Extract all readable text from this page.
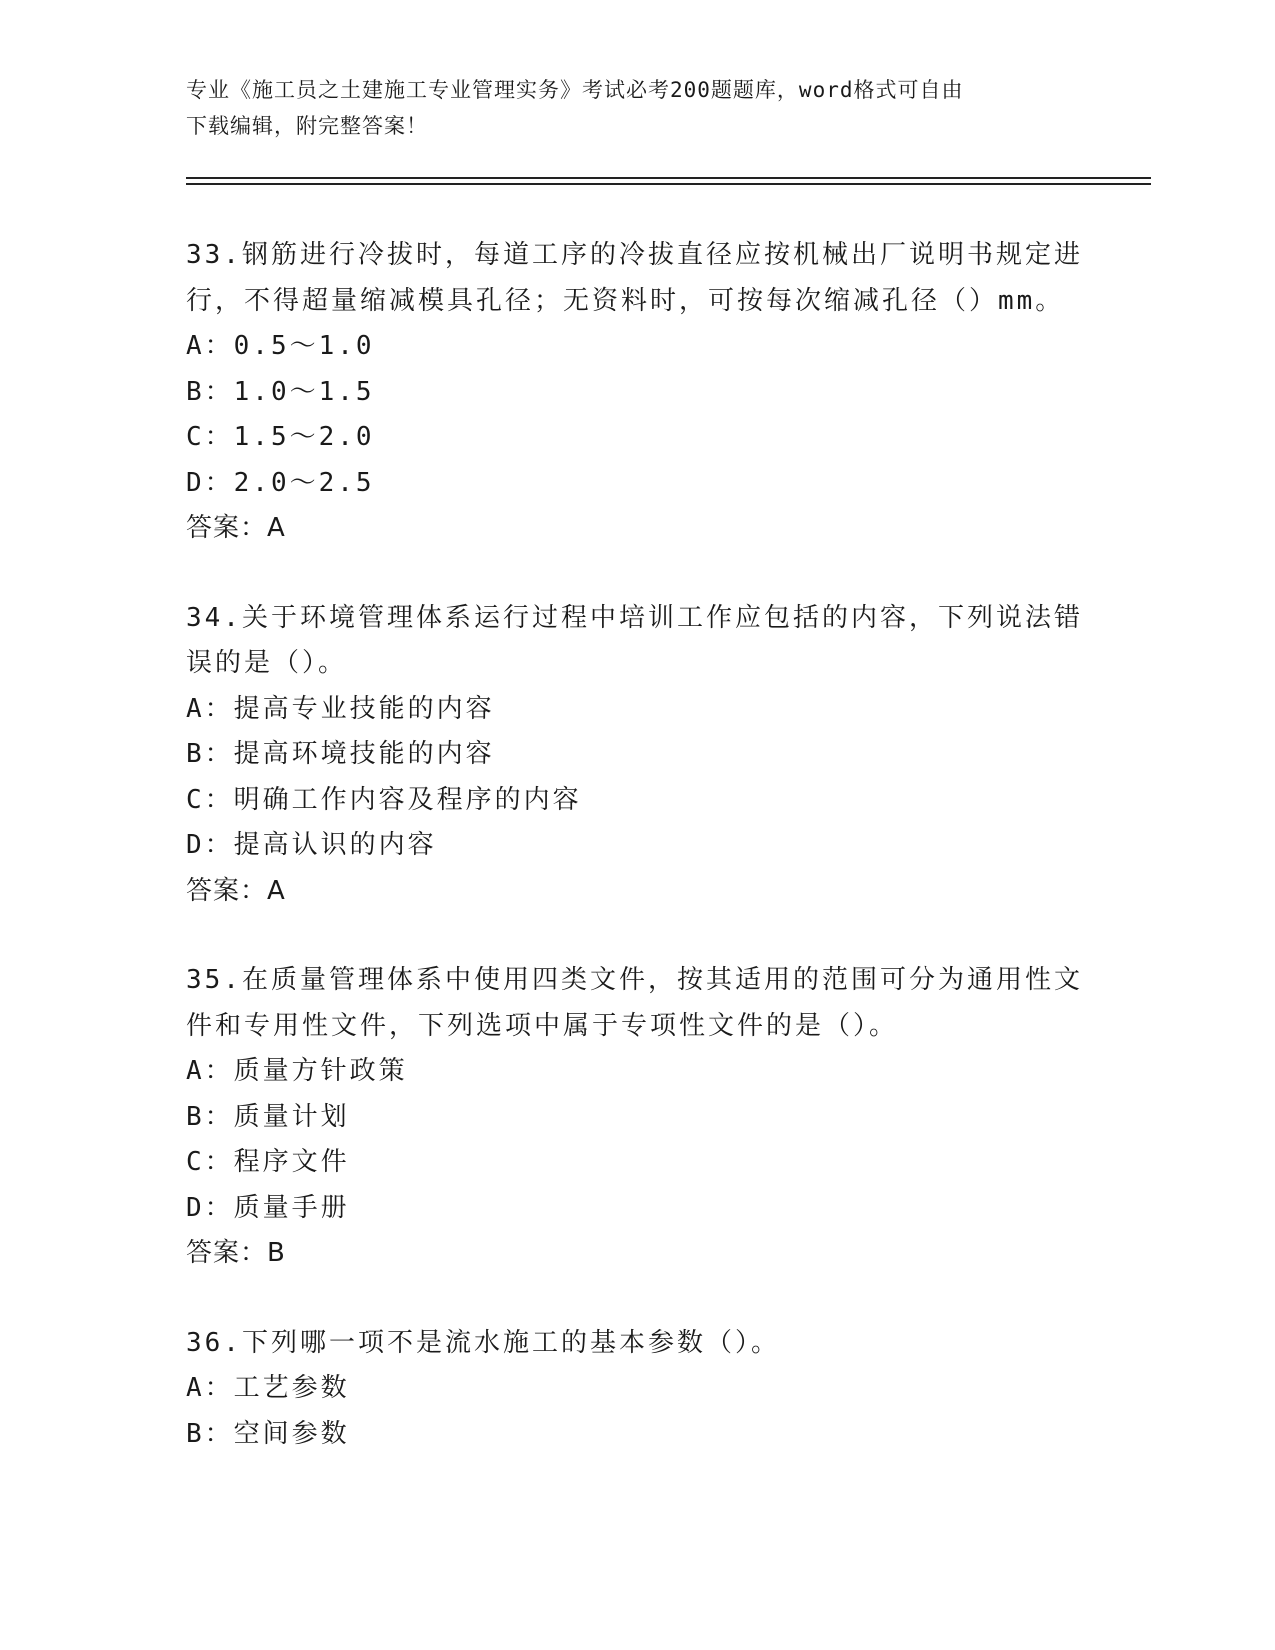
专业《施工员之土建施工专业管理实务》考试必考200题题库，word格式可自由
下载编辑，附完整答案！
33.钢筋进行冷拔时，每道工序的冷拔直径应按机械出厂说明书规定进行，不得超量缩减模具孔径；无资料时，可按每次缩减孔径（）mm。
A：0.5～1.0
B：1.0～1.5
C：1.5～2.0
D：2.0～2.5
答案：A
34.关于环境管理体系运行过程中培训工作应包括的内容，下列说法错误的是（）。
A：提高专业技能的内容
B：提高环境技能的内容
C：明确工作内容及程序的内容
D：提高认识的内容
答案：A
35.在质量管理体系中使用四类文件，按其适用的范围可分为通用性文件和专用性文件，下列选项中属于专项性文件的是（）。
A：质量方针政策
B：质量计划
C：程序文件
D：质量手册
答案：B
36.下列哪一项不是流水施工的基本参数（）。
A：工艺参数
B：空间参数
